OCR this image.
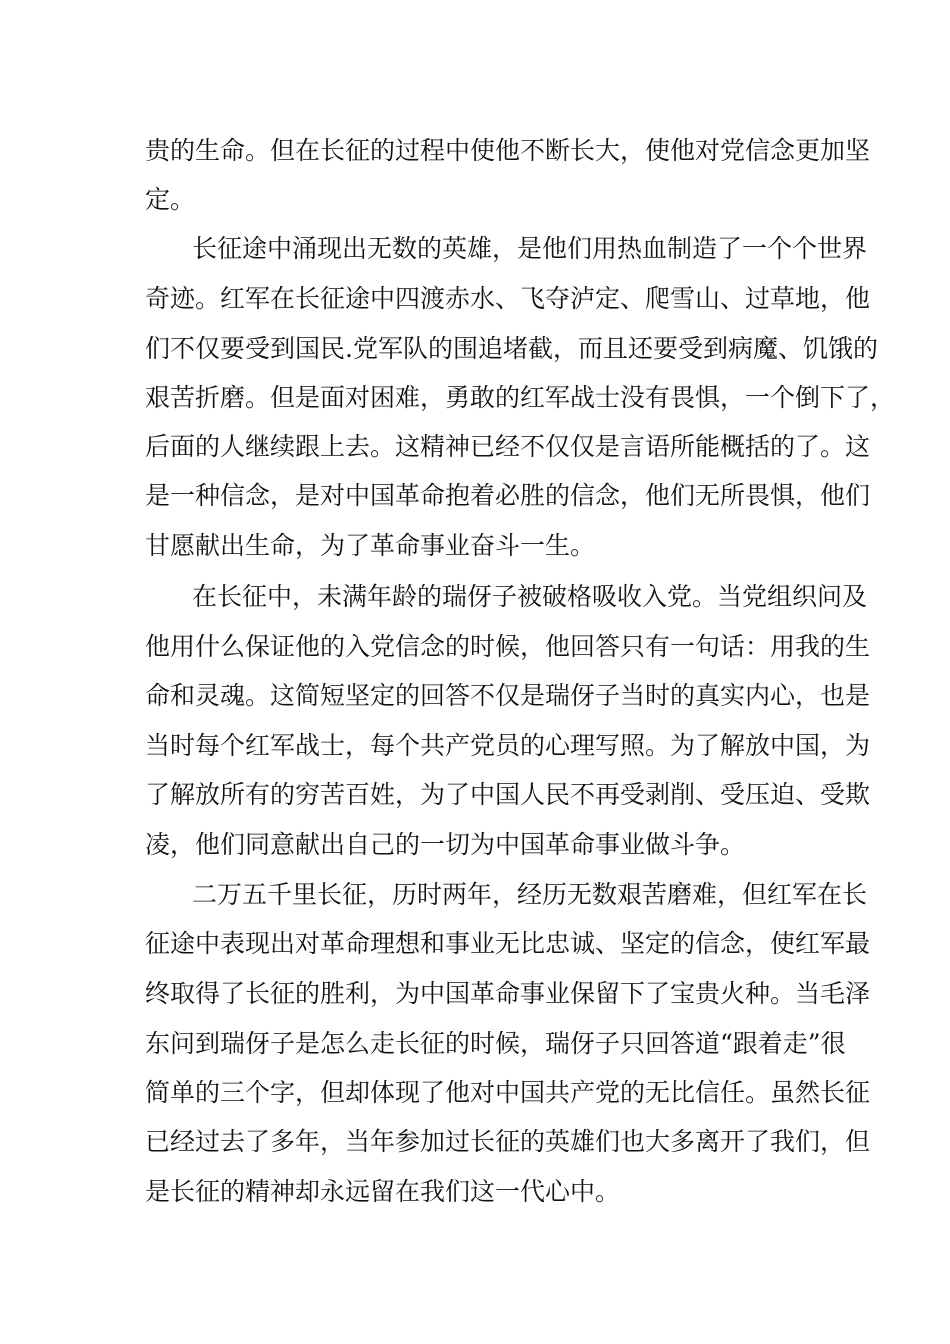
贵的生命。但在长征的过程中使他不断长大，使他对党信念更加坚
定。
长征途中涌现出无数的英雄，是他们用热血制造了一个个世界
奇迹。红军在长征途中四渡赤水、飞夺泸定、爬雪山、过草地，他
们不仅要受到国民.党军队的围追堵截，而且还要受到病魔、饥饿的
艰苦折磨。但是面对困难，勇敢的红军战士没有畏惧，一个倒下了，
后面的人继续跟上去。这精神已经不仅仅是言语所能概括的了。这
是一种信念，是对中国革命抱着必胜的信念，他们无所畏惧，他们
甘愿献出生命，为了革命事业奋斗一生。
在长征中，未满年龄的瑞伢子被破格吸收入党。当党组织问及
他用什么保证他的入党信念的时候，他回答只有一句话：用我的生
命和灵魂。这简短坚定的回答不仅是瑞伢子当时的真实内心，也是
当时每个红军战士，每个共产党员的心理写照。为了解放中国，为
了解放所有的穷苦百姓，为了中国人民不再受剥削、受压迫、受欺
凌，他们同意献出自己的一切为中国革命事业做斗争。
二万五千里长征，历时两年，经历无数艰苦磨难，但红军在长
征途中表现出对革命理想和事业无比忠诚、坚定的信念，使红军最
终取得了长征的胜利，为中国革命事业保留下了宝贵火种。当毛泽
东问到瑞伢子是怎么走长征的时候，瑞伢子只回答道“跟着走”很
简单的三个字，但却体现了他对中国共产党的无比信任。虽然长征
已经过去了多年，当年参加过长征的英雄们也大多离开了我们，但
是长征的精神却永远留在我们这一代心中。
